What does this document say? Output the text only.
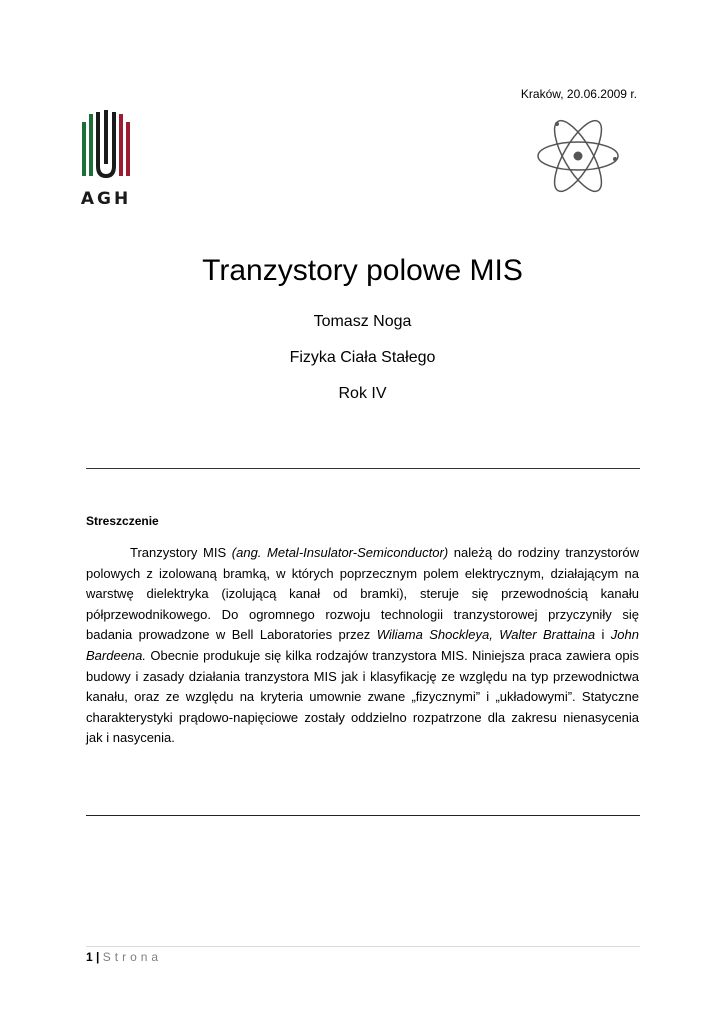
Kraków, 20.06.2009 r.
AGH
Tranzystory polowe MIS
Tomasz Noga
Fizyka Ciała Stałego
Rok IV
Streszczenie

Tranzystory MIS (ang. Metal-Insulator-Semiconductor) należą do rodziny tranzystorów polowych z izolowaną bramką, w których poprzecznym polem elektrycznym, działającym na warstwę dielektryka (izolującą kanał od bramki), steruje się przewodnością kanału półprzewodnikowego. Do ogromnego rozwoju technologii tranzystorowej przyczyniły się badania prowadzone w Bell Laboratories przez Wiliama Shockleya, Walter Brattaina i John Bardeena. Obecnie produkuje się kilka rodzajów tranzystora MIS. Niniejsza praca zawiera opis budowy i zasady działania tranzystora MIS jak i klasyfikację ze względu na typ przewodnictwa kanału, oraz ze względu na kryteria umownie zwane „fizycznymi” i „układowymi”. Statyczne charakterystyki prądowo-napięciowe zostały oddzielno rozpatrzone dla zakresu nienasycenia jak i nasycenia.

1 | Strona
